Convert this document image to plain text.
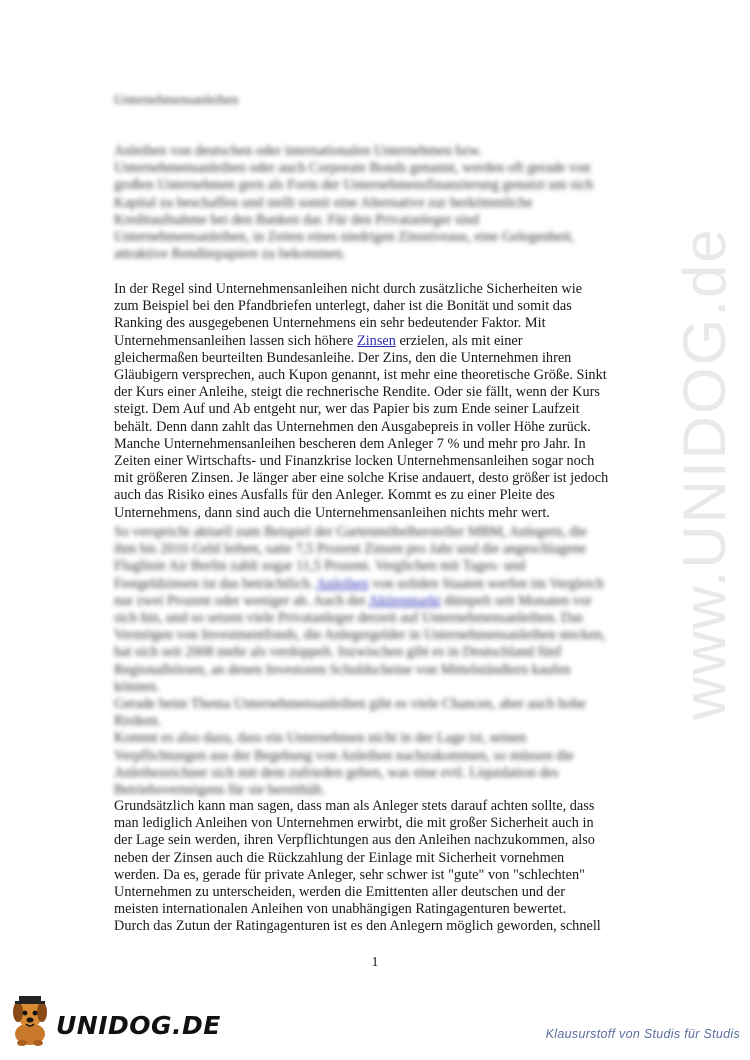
www.UNIDOG.de
Unternehmensanleihen
Anleihen von deutschen oder internationalen Unternehmen bzw.
Unternehmensanleihen oder auch Corporate Bonds genannt, werden oft gerade von
großen Unternehmen gern als Form der Unternehmensfinanzierung genutzt um sich
Kapital zu beschaffen und stellt somit eine Alternative zur herkömmliche
Kreditaufnahme bei den Banken dar. Für den Privatanleger sind
Unternehmensanleihen, in Zeiten eines niedrigen Zinsniveaus, eine Gelegenheit,
attraktive Renditepapiere zu bekommen.
In der Regel sind Unternehmensanleihen nicht durch zusätzliche Sicherheiten wie
zum Beispiel bei den Pfandbriefen unterlegt, daher ist die Bonität und somit das
Ranking des ausgegebenen Unternehmens ein sehr bedeutender Faktor. Mit
Unternehmensanleihen lassen sich höhere Zinsen erzielen, als mit einer
gleichermaßen beurteilten Bundesanleihe. Der Zins, den die Unternehmen ihren
Gläubigern versprechen, auch Kupon genannt, ist mehr eine theoretische Größe. Sinkt
der Kurs einer Anleihe, steigt die rechnerische Rendite. Oder sie fällt, wenn der Kurs
steigt. Dem Auf und Ab entgeht nur, wer das Papier bis zum Ende seiner Laufzeit
behält. Denn dann zahlt das Unternehmen den Ausgabepreis in voller Höhe zurück.
Manche Unternehmensanleihen bescheren dem Anleger 7 % und mehr pro Jahr. In
Zeiten einer Wirtschafts- und Finanzkrise locken Unternehmensanleihen sogar noch
mit größeren Zinsen. Je länger aber eine solche Krise andauert, desto größer ist jedoch
auch das Risiko eines Ausfalls für den Anleger. Kommt es zu einer Pleite des
Unternehmens, dann sind auch die Unternehmensanleihen nichts mehr wert.
So verspricht aktuell zum Beispiel der Gartenmöbelhersteller MBM, Anlegern, die
ihm bis 2016 Geld leihen, satte 7,5 Prozent Zinsen pro Jahr und die angeschlagene
Fluglinie Air Berlin zahlt sogar 11,5 Prozent. Verglichen mit Tages- und
Festgeldzinsen ist das beträchtlich. Anleihen von soliden Staaten werfen im Vergleich
nur zwei Prozent oder weniger ab. Auch der Aktienmarkt dümpelt seit Monaten vor
sich hin, und so setzen viele Privatanleger derzeit auf Unternehmensanleihen. Das
Vermögen von Investmentfonds, die Anlegergelder in Unternehmensanleihen stecken,
hat sich seit 2008 mehr als verdoppelt. Inzwischen gibt es in Deutschland fünf
Regionalbörsen, an denen Investoren Schuldscheine von Mittelständlern kaufen
können.
Gerade beim Thema Unternehmensanleihen gibt es viele Chancen, aber auch hohe
Risiken.
Kommt es also dazu, dass ein Unternehmen nicht in der Lage ist, seinen
Verpflichtungen aus der Begebung von Anleihen nachzukommen, so müssen die
Anleihezeichner sich mit dem zufrieden geben, was eine evtl. Liquidation des
Betriebsvermögens für sie bereithält.
Grundsätzlich kann man sagen, dass man als Anleger stets darauf achten sollte, dass
man lediglich Anleihen von Unternehmen erwirbt, die mit großer Sicherheit auch in
der Lage sein werden, ihren Verpflichtungen aus den Anleihen nachzukommen, also
neben der Zinsen auch die Rückzahlung der Einlage mit Sicherheit vornehmen
werden. Da es, gerade für private Anleger, sehr schwer ist "gute" von "schlechten"
Unternehmen zu unterscheiden, werden die Emittenten aller deutschen und der
meisten internationalen Anleihen von unabhängigen Ratingagenturen bewertet.
Durch das Zutun der Ratingagenturen ist es den Anlegern möglich geworden, schnell
1
UNIDOG.DE	Klausurstoff von Studis für Studis
